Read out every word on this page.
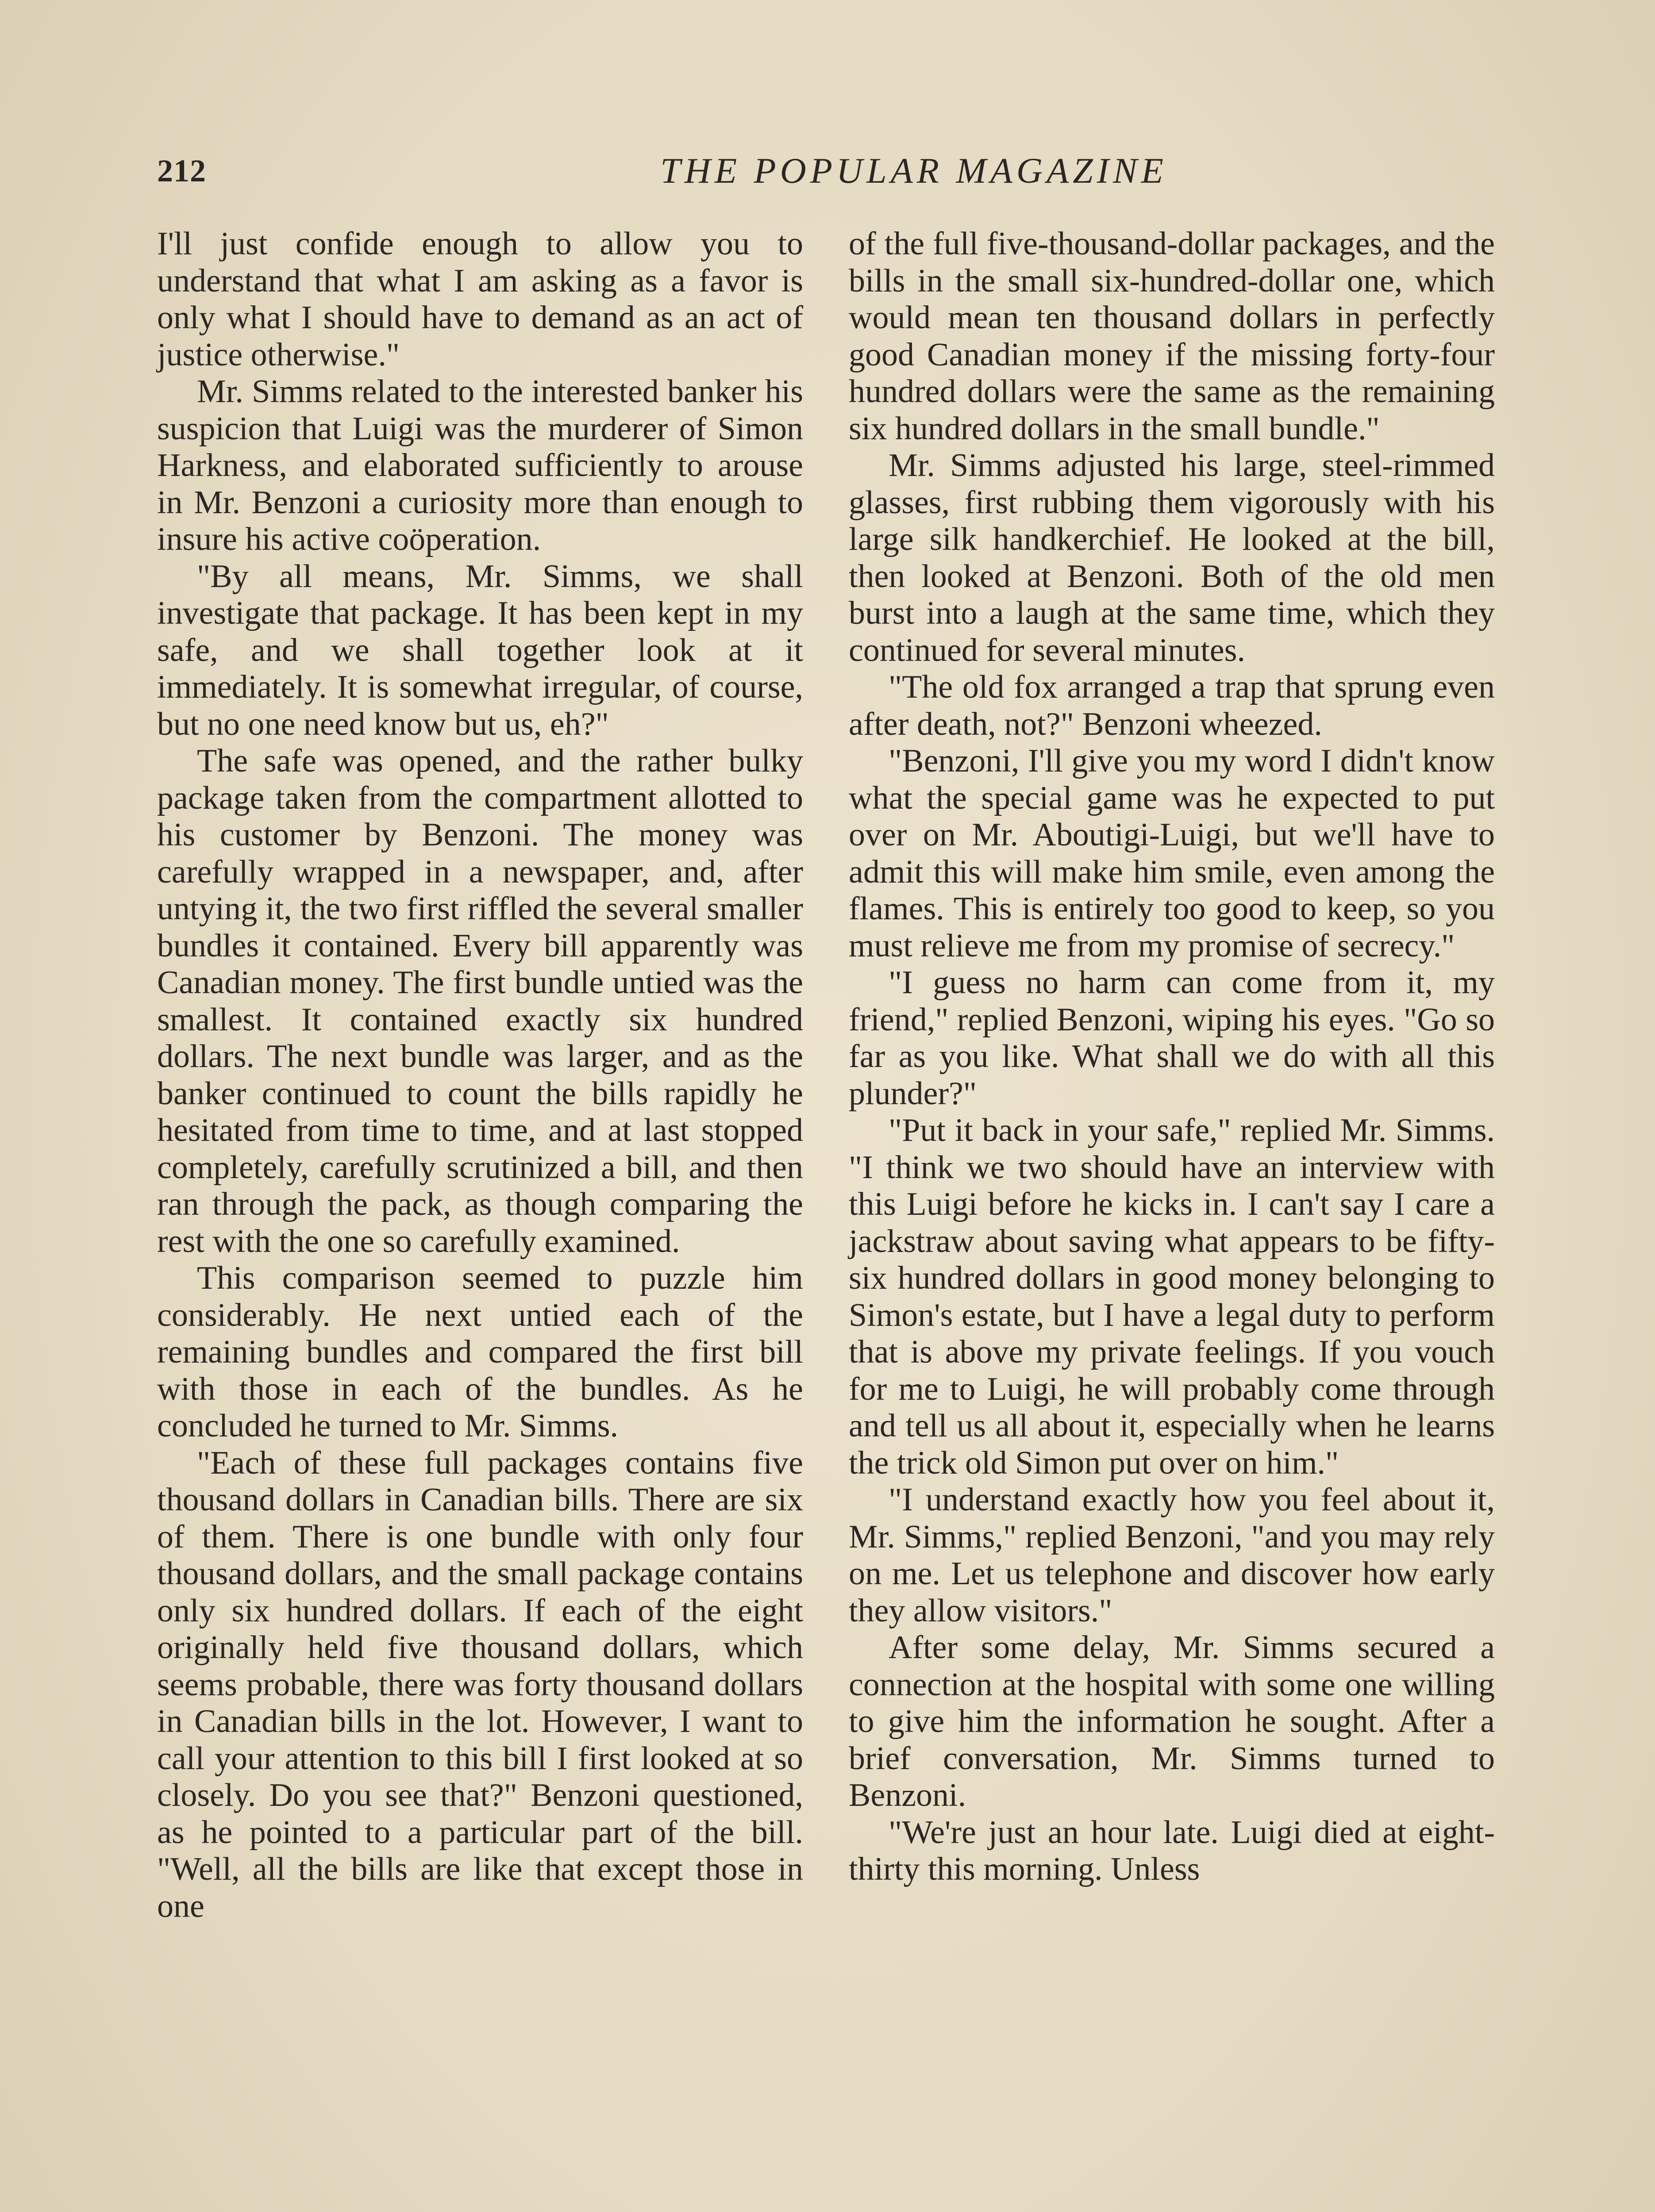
212	THE POPULAR MAGAZINE

I'll just confide enough to allow you to understand that what I am asking as a favor is only what I should have to demand as an act of justice otherwise."

Mr. Simms related to the interested banker his suspicion that Luigi was the murderer of Simon Harkness, and elaborated sufficiently to arouse in Mr. Benzoni a curiosity more than enough to insure his active coöperation.

"By all means, Mr. Simms, we shall investigate that package. It has been kept in my safe, and we shall together look at it immediately. It is somewhat irregular, of course, but no one need know but us, eh?"

The safe was opened, and the rather bulky package taken from the compartment allotted to his customer by Benzoni. The money was carefully wrapped in a newspaper, and, after untying it, the two first riffled the several smaller bundles it contained. Every bill apparently was Canadian money. The first bundle untied was the smallest. It contained exactly six hundred dollars. The next bundle was larger, and as the banker continued to count the bills rapidly he hesitated from time to time, and at last stopped completely, carefully scrutinized a bill, and then ran through the pack, as though comparing the rest with the one so carefully examined.

This comparison seemed to puzzle him considerably. He next untied each of the remaining bundles and compared the first bill with those in each of the bundles. As he concluded he turned to Mr. Simms.

"Each of these full packages contains five thousand dollars in Canadian bills. There are six of them. There is one bundle with only four thousand dollars, and the small package contains only six hundred dollars. If each of the eight originally held five thousand dollars, which seems probable, there was forty thousand dollars in Canadian bills in the lot. However, I want to call your attention to this bill I first looked at so closely. Do you see that?" Benzoni questioned, as he pointed to a particular part of the bill. "Well, all the bills are like that except those in one

of the full five-thousand-dollar packages, and the bills in the small six-hundred-dollar one, which would mean ten thousand dollars in perfectly good Canadian money if the missing forty-four hundred dollars were the same as the remaining six hundred dollars in the small bundle."

Mr. Simms adjusted his large, steel-rimmed glasses, first rubbing them vigorously with his large silk handkerchief. He looked at the bill, then looked at Benzoni. Both of the old men burst into a laugh at the same time, which they continued for several minutes.

"The old fox arranged a trap that sprung even after death, not?" Benzoni wheezed.

"Benzoni, I'll give you my word I didn't know what the special game was he expected to put over on Mr. Aboutigi-Luigi, but we'll have to admit this will make him smile, even among the flames. This is entirely too good to keep, so you must relieve me from my promise of secrecy."

"I guess no harm can come from it, my friend," replied Benzoni, wiping his eyes. "Go so far as you like. What shall we do with all this plunder?"

"Put it back in your safe," replied Mr. Simms. "I think we two should have an interview with this Luigi before he kicks in. I can't say I care a jackstraw about saving what appears to be fifty-six hundred dollars in good money belonging to Simon's estate, but I have a legal duty to perform that is above my private feelings. If you vouch for me to Luigi, he will probably come through and tell us all about it, especially when he learns the trick old Simon put over on him."

"I understand exactly how you feel about it, Mr. Simms," replied Benzoni, "and you may rely on me. Let us telephone and discover how early they allow visitors."

After some delay, Mr. Simms secured a connection at the hospital with some one willing to give him the information he sought. After a brief conversation, Mr. Simms turned to Benzoni.

"We're just an hour late. Luigi died at eight-thirty this morning. Unless
